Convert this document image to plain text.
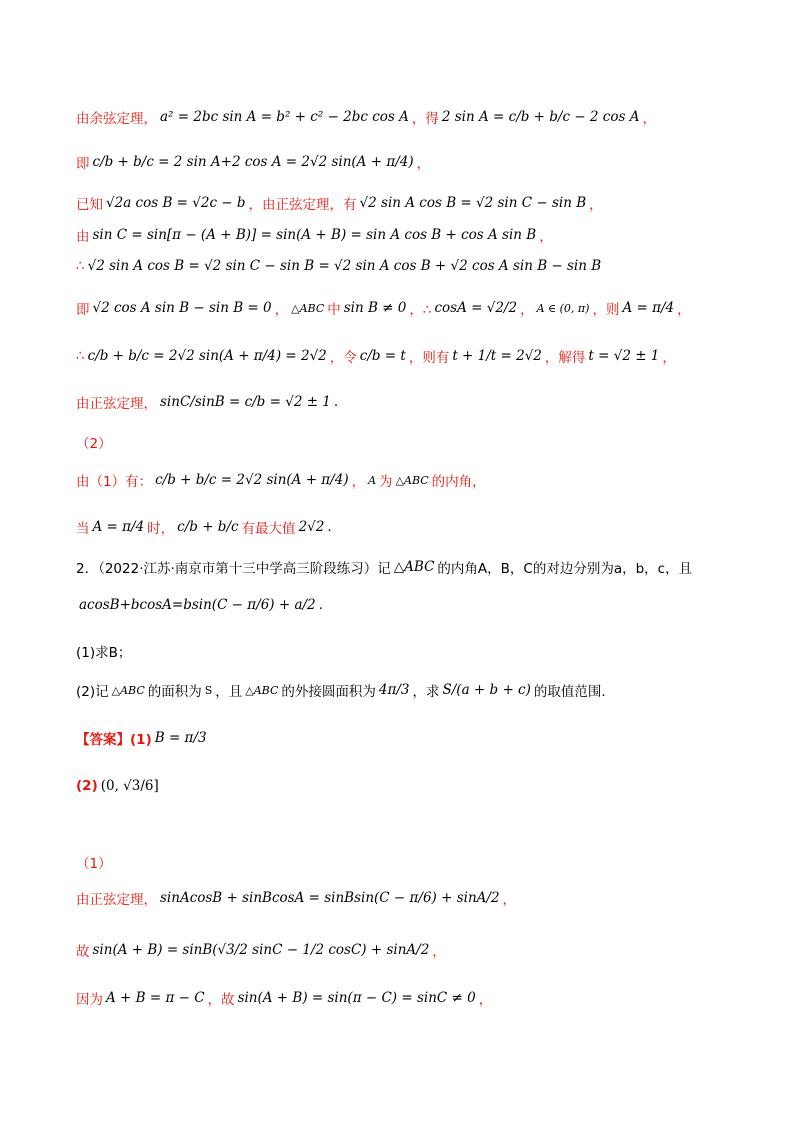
由余弦定理， a² = 2bc sin A = b² + c² − 2bc cos A ，得 2 sin A = c/b + b/c − 2 cos A ，
即 c/b + b/c = 2 sin A+2 cos A = 2√2 sin(A + π/4) ，
已知 √2a cos B = √2c − b ，由正弦定理，有 √2 sin A cos B = √2 sin C − sin B ，
由 sin C = sin[π − (A + B)] = sin(A + B) = sin A cos B + cos A sin B ，
∴ √2 sin A cos B = √2 sin C − sin B = √2 sin A cos B + √2 cos A sin B − sin B
即 √2 cos A sin B − sin B = 0 ， △ABC 中 sin B ≠ 0 ，∴ cosA = √2/2 ， A ∈ (0, π) ，则 A = π/4 ，
∴ c/b + b/c = 2√2 sin(A + π/4) = 2√2 ，令 c/b = t ，则有 t + 1/t = 2√2 ，解得 t = √2 ± 1 ，
由正弦定理， sinC/sinB = c/b = √2 ± 1 .
（2）
由（1）有： c/b + b/c = 2√2 sin(A + π/4) ， A 为 △ABC 的内角，
当 A = π/4 时， c/b + b/c 有最大值 2√2 .
2．（2022·江苏·南京市第十三中学高三阶段练习）记 △ABC 的内角A，B，C的对边分别为a，b，c，且
acosB+bcosA=bsin(C − π/6) + a/2 .
(1)求B；
(2)记 △ABC 的面积为 S ，且 △ABC 的外接圆面积为 4π/3 ，求 S/(a + b + c) 的取值范围.
【答案】(1) B = π/3
(2) (0, √3/6]
（1）
由正弦定理， sinAcosB + sinBcosA = sinBsin(C − π/6) + sinA/2 ，
故 sin(A + B) = sinB(√3/2 sinC − 1/2 cosC) + sinA/2 ，
因为 A + B = π − C ，故 sin(A + B) = sin(π − C) = sinC ≠ 0 ，
